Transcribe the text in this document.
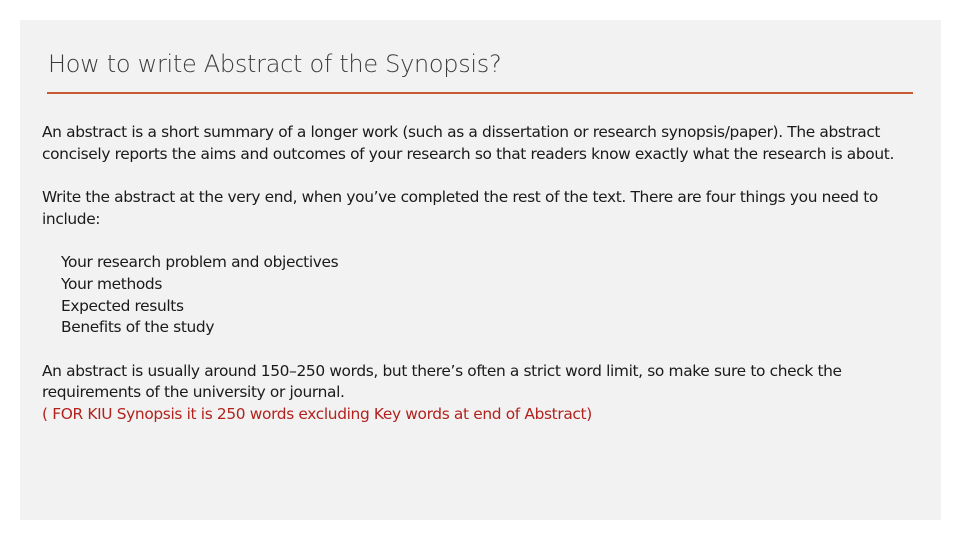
How to write Abstract of the Synopsis?

An abstract is a short summary of a longer work (such as a dissertation or research synopsis/paper). The abstract concisely reports the aims and outcomes of your research so that readers know exactly what the research is about.

Write the abstract at the very end, when you’ve completed the rest of the text. There are four things you need to include:

Your research problem and objectives
Your methods
Expected results
Benefits of the study

An abstract is usually around 150–250 words, but there’s often a strict word limit, so make sure to check the requirements of the university or journal.

( FOR KIU Synopsis it is 250 words excluding Key words at end of Abstract)
